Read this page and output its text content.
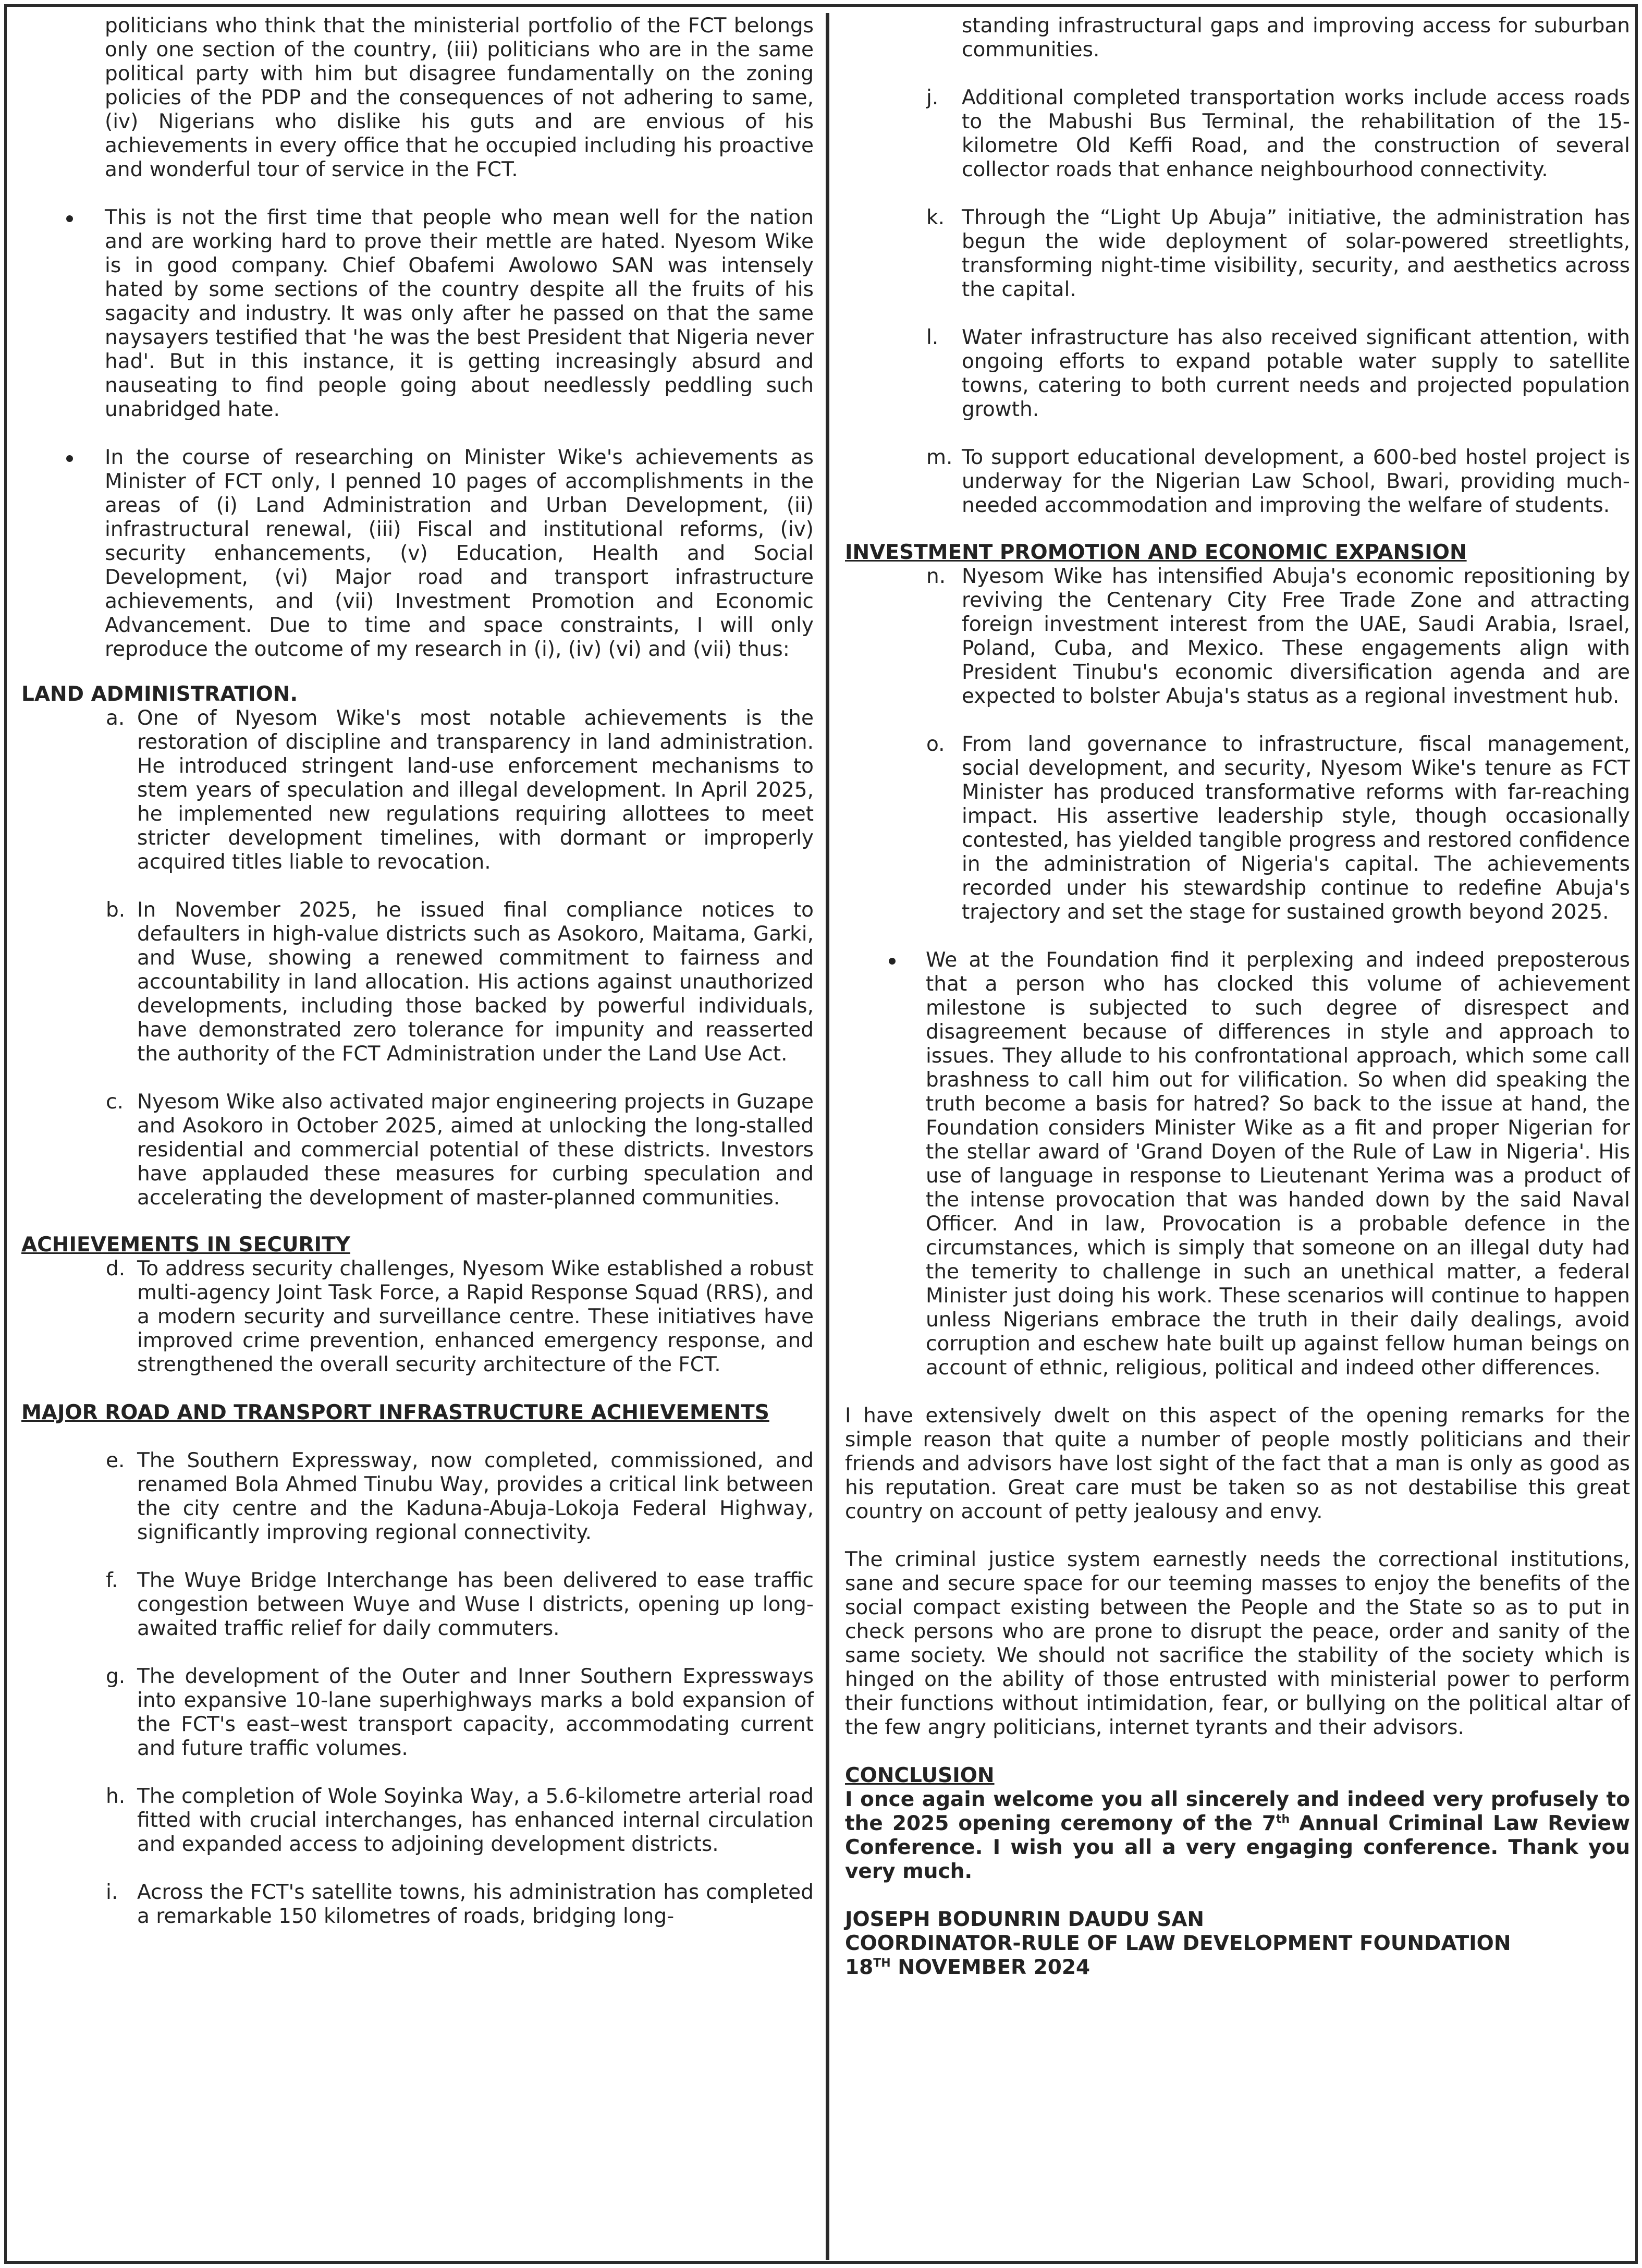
politicians who think that the ministerial portfolio of the FCT belongs only one section of the country, (iii) politicians who are in the same political party with him but disagree fundamentally on the zoning policies of the PDP and the consequences of not adhering to same, (iv) Nigerians who dislike his guts and are envious of his achievements in every office that he occupied including his proactive and wonderful tour of service in the FCT.

This is not the first time that people who mean well for the nation and are working hard to prove their mettle are hated. Nyesom Wike is in good company. Chief Obafemi Awolowo SAN was intensely hated by some sections of the country despite all the fruits of his sagacity and industry. It was only after he passed on that the same naysayers testified that 'he was the best President that Nigeria never had'. But in this instance, it is getting increasingly absurd and nauseating to find people going about needlessly peddling such unabridged hate.

In the course of researching on Minister Wike's achievements as Minister of FCT only, I penned 10 pages of accomplishments in the areas of (i) Land Administration and Urban Development, (ii) infrastructural renewal, (iii) Fiscal and institutional reforms, (iv) security enhancements, (v) Education, Health and Social Development, (vi) Major road and transport infrastructure achievements, and (vii) Investment Promotion and Economic Advancement. Due to time and space constraints, I will only reproduce the outcome of my research in (i), (iv) (vi) and (vii) thus:

LAND ADMINISTRATION.

a. One of Nyesom Wike's most notable achievements is the restoration of discipline and transparency in land administration. He introduced stringent land-use enforcement mechanisms to stem years of speculation and illegal development. In April 2025, he implemented new regulations requiring allottees to meet stricter development timelines, with dormant or improperly acquired titles liable to revocation.

b. In November 2025, he issued final compliance notices to defaulters in high-value districts such as Asokoro, Maitama, Garki, and Wuse, showing a renewed commitment to fairness and accountability in land allocation. His actions against unauthorized developments, including those backed by powerful individuals, have demonstrated zero tolerance for impunity and reasserted the authority of the FCT Administration under the Land Use Act.

c. Nyesom Wike also activated major engineering projects in Guzape and Asokoro in October 2025, aimed at unlocking the long-stalled residential and commercial potential of these districts. Investors have applauded these measures for curbing speculation and accelerating the development of master-planned communities.

ACHIEVEMENTS IN SECURITY

d. To address security challenges, Nyesom Wike established a robust multi-agency Joint Task Force, a Rapid Response Squad (RRS), and a modern security and surveillance centre. These initiatives have improved crime prevention, enhanced emergency response, and strengthened the overall security architecture of the FCT.

MAJOR ROAD AND TRANSPORT INFRASTRUCTURE ACHIEVEMENTS

e. The Southern Expressway, now completed, commissioned, and renamed Bola Ahmed Tinubu Way, provides a critical link between the city centre and the Kaduna-Abuja-Lokoja Federal Highway, significantly improving regional connectivity.

f. The Wuye Bridge Interchange has been delivered to ease traffic congestion between Wuye and Wuse I districts, opening up long-awaited traffic relief for daily commuters.

g. The development of the Outer and Inner Southern Expressways into expansive 10-lane superhighways marks a bold expansion of the FCT's east–west transport capacity, accommodating current and future traffic volumes.

h. The completion of Wole Soyinka Way, a 5.6-kilometre arterial road fitted with crucial interchanges, has enhanced internal circulation and expanded access to adjoining development districts.

i. Across the FCT's satellite towns, his administration has completed a remarkable 150 kilometres of roads, bridging long-

standing infrastructural gaps and improving access for suburban communities.

j. Additional completed transportation works include access roads to the Mabushi Bus Terminal, the rehabilitation of the 15-kilometre Old Keffi Road, and the construction of several collector roads that enhance neighbourhood connectivity.

k. Through the “Light Up Abuja” initiative, the administration has begun the wide deployment of solar-powered streetlights, transforming night-time visibility, security, and aesthetics across the capital.

l. Water infrastructure has also received significant attention, with ongoing efforts to expand potable water supply to satellite towns, catering to both current needs and projected population growth.

m. To support educational development, a 600-bed hostel project is underway for the Nigerian Law School, Bwari, providing much-needed accommodation and improving the welfare of students.

INVESTMENT PROMOTION AND ECONOMIC EXPANSION

n. Nyesom Wike has intensified Abuja's economic repositioning by reviving the Centenary City Free Trade Zone and attracting foreign investment interest from the UAE, Saudi Arabia, Israel, Poland, Cuba, and Mexico. These engagements align with President Tinubu's economic diversification agenda and are expected to bolster Abuja's status as a regional investment hub.

o. From land governance to infrastructure, fiscal management, social development, and security, Nyesom Wike's tenure as FCT Minister has produced transformative reforms with far-reaching impact. His assertive leadership style, though occasionally contested, has yielded tangible progress and restored confidence in the administration of Nigeria's capital. The achievements recorded under his stewardship continue to redefine Abuja's trajectory and set the stage for sustained growth beyond 2025.

We at the Foundation find it perplexing and indeed preposterous that a person who has clocked this volume of achievement milestone is subjected to such degree of disrespect and disagreement because of differences in style and approach to issues. They allude to his confrontational approach, which some call brashness to call him out for vilification. So when did speaking the truth become a basis for hatred? So back to the issue at hand, the Foundation considers Minister Wike as a fit and proper Nigerian for the stellar award of 'Grand Doyen of the Rule of Law in Nigeria'. His use of language in response to Lieutenant Yerima was a product of the intense provocation that was handed down by the said Naval Officer. And in law, Provocation is a probable defence in the circumstances, which is simply that someone on an illegal duty had the temerity to challenge in such an unethical matter, a federal Minister just doing his work. These scenarios will continue to happen unless Nigerians embrace the truth in their daily dealings, avoid corruption and eschew hate built up against fellow human beings on account of ethnic, religious, political and indeed other differences.

I have extensively dwelt on this aspect of the opening remarks for the simple reason that quite a number of people mostly politicians and their friends and advisors have lost sight of the fact that a man is only as good as his reputation. Great care must be taken so as not destabilise this great country on account of petty jealousy and envy.

The criminal justice system earnestly needs the correctional institutions, sane and secure space for our teeming masses to enjoy the benefits of the social compact existing between the People and the State so as to put in check persons who are prone to disrupt the peace, order and sanity of the same society. We should not sacrifice the stability of the society which is hinged on the ability of those entrusted with ministerial power to perform their functions without intimidation, fear, or bullying on the political altar of the few angry politicians, internet tyrants and their advisors.

CONCLUSION

I once again welcome you all sincerely and indeed very profusely to the 2025 opening ceremony of the 7th Annual Criminal Law Review Conference. I wish you all a very engaging conference. Thank you very much.

JOSEPH BODUNRIN DAUDU SAN

COORDINATOR-RULE OF LAW DEVELOPMENT FOUNDATION

18TH NOVEMBER 2024
